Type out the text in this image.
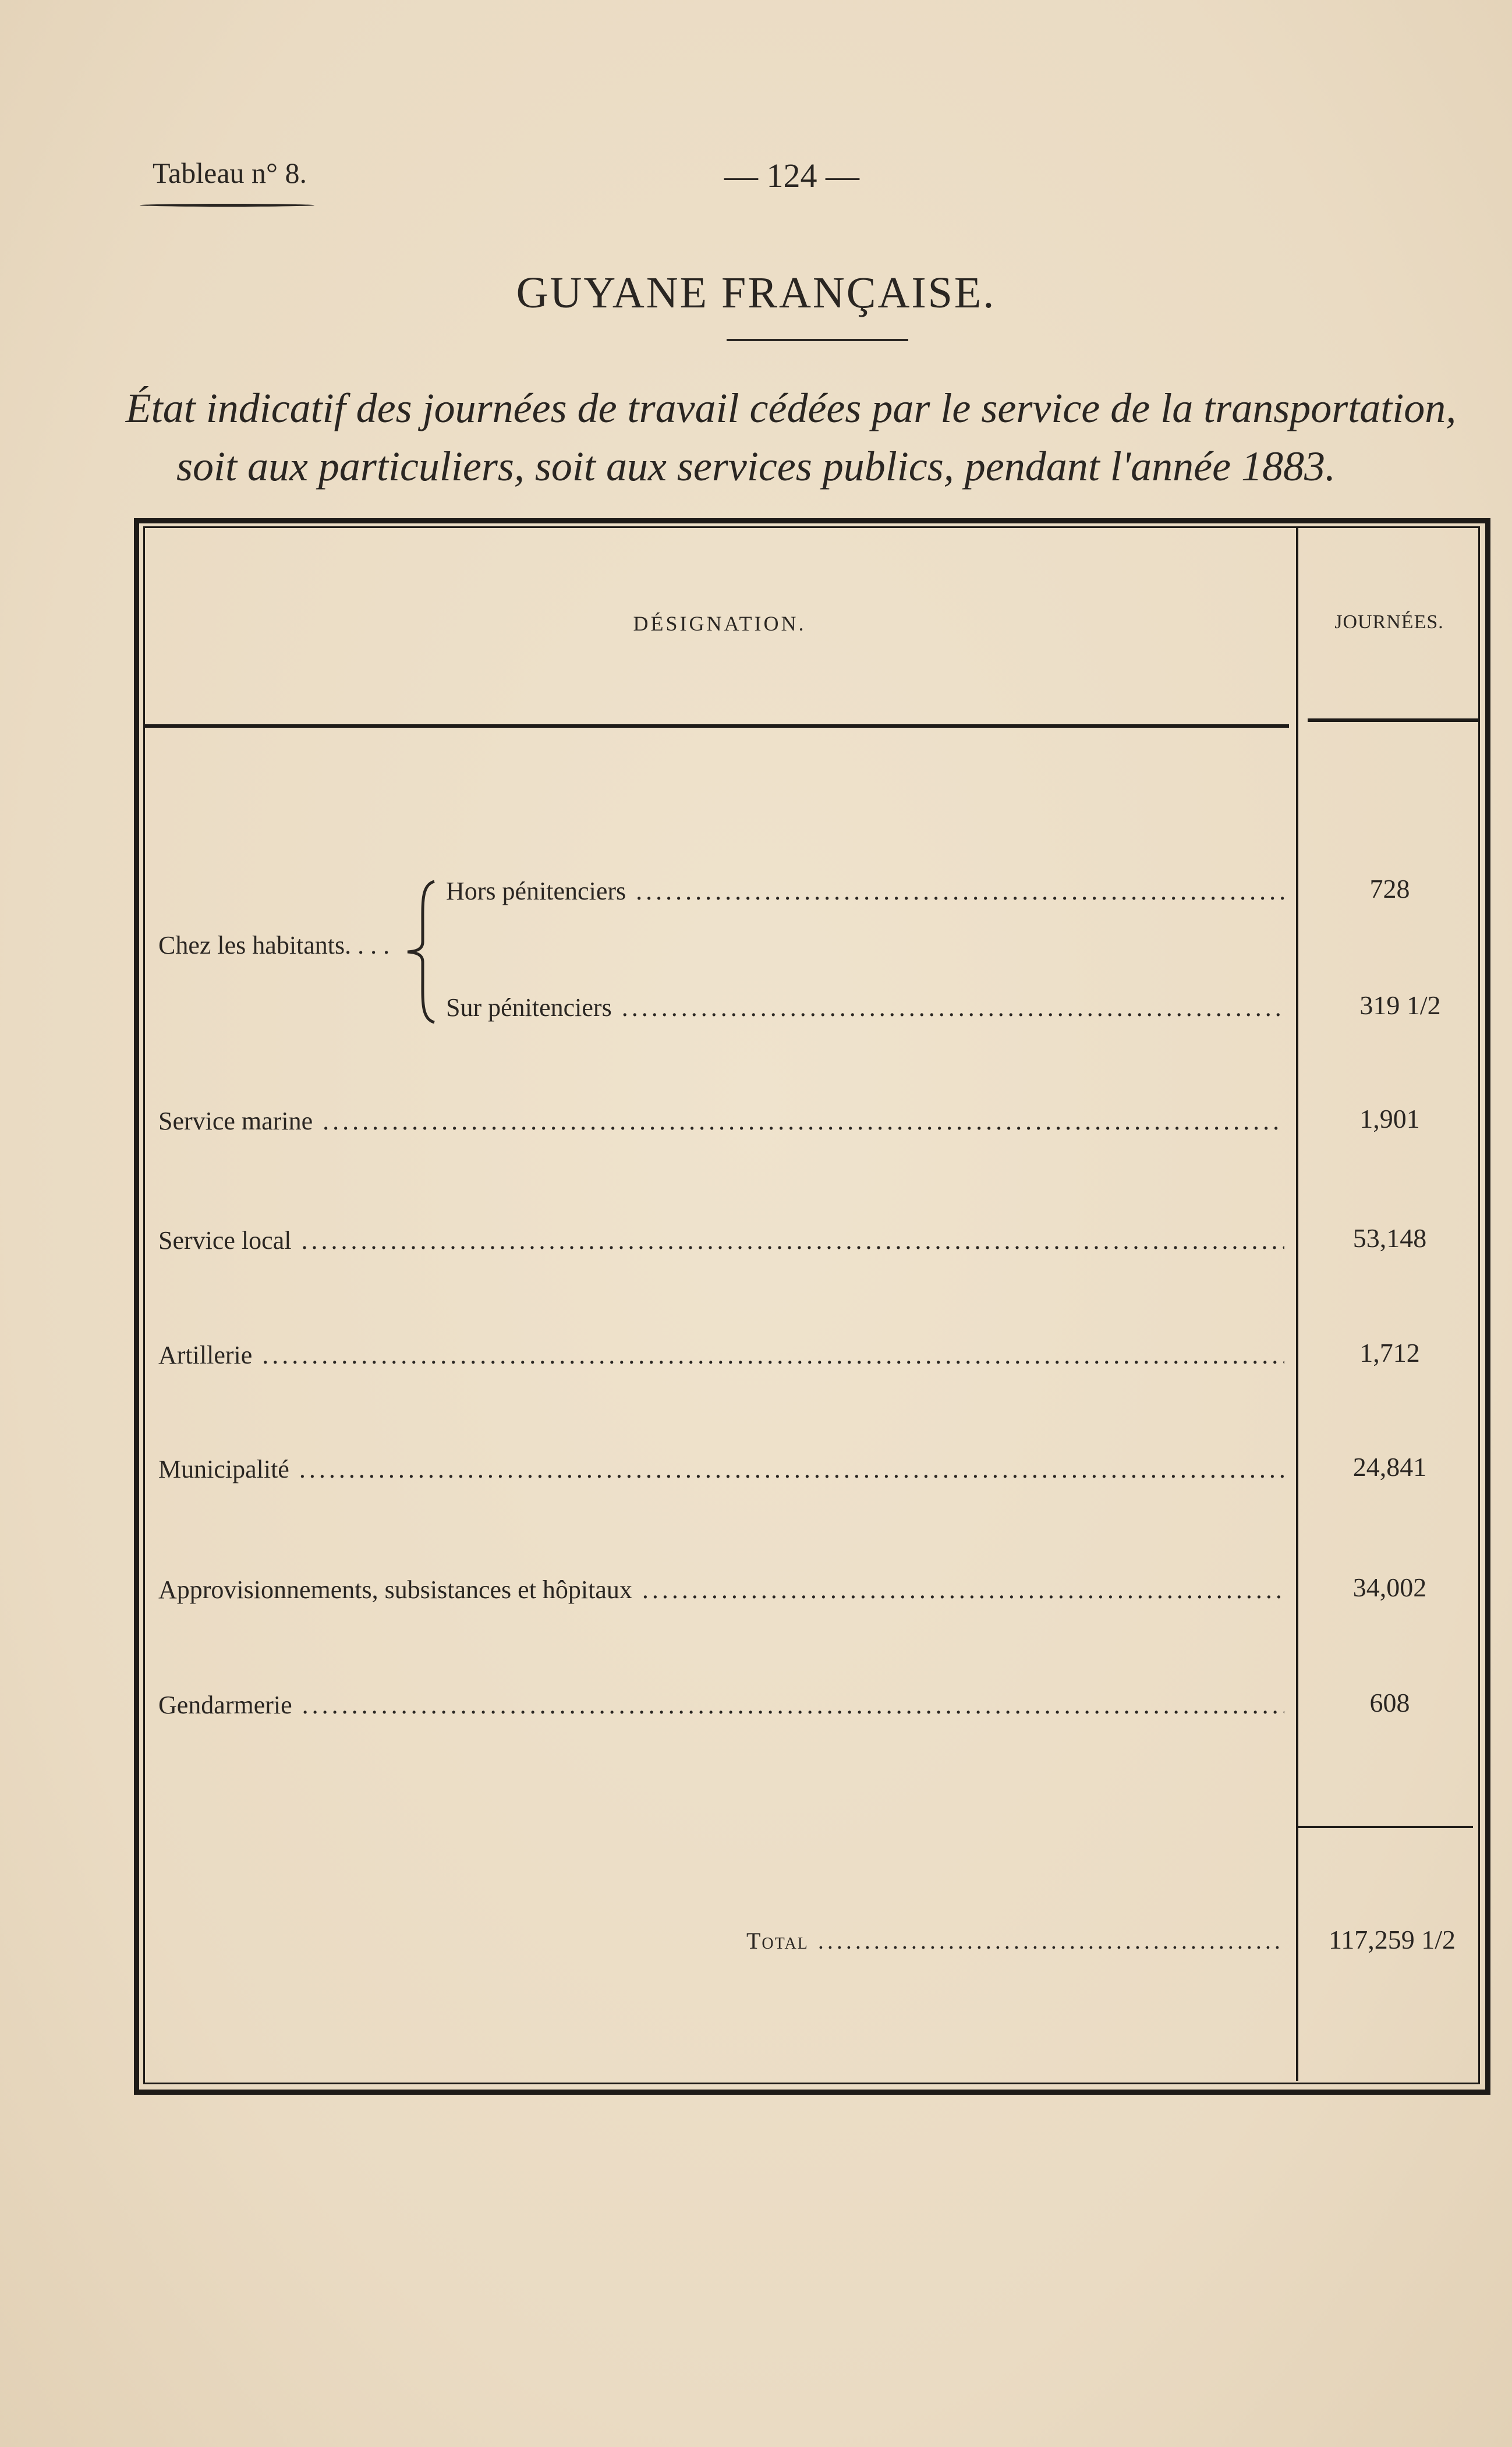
Tableau n° 8.	— 124 —
GUYANE FRANÇAISE.
État indicatif des journées de travail cédées par le service de la transportation,
soit aux particuliers, soit aux services publics, pendant l'année 1883.
DÉSIGNATION.	JOURNÉES.
Chez les habitants. . . .
Hors pénitenciers .....	728
Sur pénitenciers .....	319 1/2
Service marine .....	1,901
Service local .....	53,148
Artillerie .....	1,712
Municipalité .....	24,841
Approvisionnements, subsistances et hôpitaux .....	34,002
Gendarmerie .....	608
Total .....	117,259 1/2
